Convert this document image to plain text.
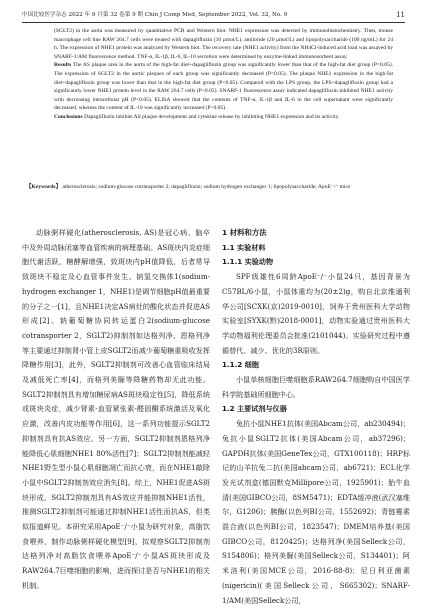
中国比较医学杂志 2022 年 9 月第 32 卷第 9 期 Chin J Comp Med, September 2022, Vol. 32, No. 9	11

(SGLT2) in the aorta was measured by quantitative PCR and Western blot. NHE1 expression was detected by immunohistochemistry. Then, mouse macrophage cell line RAW 264.7 cells were treated with dapagliflozin (10 μmol/L), amiloride (20 μmol/L) and lipopolysaccharide (100 ng/mL) for 24 h. The expression of NHE1 protein was analyzed by Western blot. The recovery rate (NHE1 activity) from the NH4Cl-induced acid load was assayed by SNARF-1/AM fluorescence method. TNF-α, IL-1β, IL-6, IL-10 secretion were determined by enzyme-linked immunosorbent assay.

Results The AS plaque area in the aorta of the high-fat diet+dapagliflozin group was significantly lower than that of the high-fat diet group (P<0.05). The expression of SGLT2 in the aortic plaques of each group was significantly decreased (P<0.05). The plaque NHE1 expression in the high-fat diet+dapagliflozin group was lower than that in the high-fat diet group (P<0.05). Compared with the LPS group, the LPS+dapagliflozin group had a significantly lower NHE1 protein level in the RAW 264.7 cells (P<0.05). SNARF-1 fluorescence assay indicated dapagliflozin inhibited NHE1 activity with decreasing intracellular pH (P<0.05). ELISA showed that the contents of TNF-α, IL-1β and IL-6 in the cell supernatant were significantly decreased, whereas the content of IL-10 was significantly increased (P<0.05).

Conclusions Dapagliflozin inhibits AS plaque development and cytokine release by inhibiting NHE1 expression and its activity.

【Keywords】 atherosclerosis; sodium-glucose cotransporter 2; dapagliflozin; sodium hydrogen exchanger 1; lipopolysaccharide; ApoE⁻/⁻ mice

动脉粥样硬化(atherosclerosis, AS)是冠心病、脑卒中及外周动脉闭塞等血管疾病的病理基础。AS斑块内炎症细胞代谢活跃，糖酵解增强，致斑块内pH值降低，后者常导致斑块不稳定及心血管事件发生。钠氢交换体1(sodium-hydrogen exchanger 1，NHE1)是调节细胞pH值最重要的分子之一[1]，且NHE1决定AS病灶的酸化状态并促进AS形成[2]。钠葡萄糖协同转运蛋白2(sodium-glucose cotransporter 2，SGLT2)抑制剂如达格列净、恩格列净等主要通过抑制肾小管上皮SGLT2而减少葡萄糖重吸收发挥降糖作用[3]，此外，SGLT2抑制剂可改善心血管临床结局及减低死亡率[4]，而格列美脲等降糖药物却无此功能。SGLT2抑制剂具有增加糖尿病AS斑块稳定性[5]，降低系统或斑块炎症，减少肾素-血管紧张素-醛固酮系统激活及氧化应激，改善内皮功能等作用[6]，这一系列功能提示SGLT2抑制剂具有抗AS效应。另一方面，SGLT2抑制剂恩格列净能降低心肌细胞NHE1 80%活性[7]；SGLT2抑制剂能减轻NHE1野生型小鼠心肌细胞凋亡而抗心衰，而在NHE1敲除小鼠中SGLT2抑制剂效应消失[8]。综上，NHE1促进AS斑块形成，SGLT2抑制剂具有AS效应并能抑制NHE1活性，推测SGLT2抑制剂可能通过抑制NHE1活性而抗AS，但类似报道鲜见。本研究采用ApoE⁻/⁻小鼠为研究对象，高脂饮食喂养，制作动脉粥样硬化模型[9]，拟观察SGLT2抑制剂达格列净对高脂饮食喂养ApoE⁻/⁻小鼠AS斑块形成及RAW264.7巨噬细胞的影响，进而探讨是否与NHE1的相关机制。

1 材料和方法

1.1 实验材料

1.1.1 实验动物

SPF级雄性6周龄ApoE⁻/⁻小鼠24只，基因背景为C57BL/6小鼠，小鼠体重均为(20±2)g，购自北京维通利华公司[SCXK(京)2019-0010]，饲养于贵州医科大学动物实验室[SYXK(黔)2018-0001]，动物实验通过贵州医科大学动物福利伦理委员会批准(2101044)。实验研究过程中遵循替代、减少、优化的3R原则。

1.1.2 细胞

小鼠单核细胞巨噬细胞系RAW264.7细胞购自中国医学科学院基础所细胞中心。

1.2 主要试剂与仪器

兔抗小鼠NHE1抗体(美国Abcam公司，ab230494)；兔抗小鼠SGLT2抗体(美国Abcam公司，ab37296)；GAPDH抗体(美国GeneTex公司，GTX100118)；HRP标记的山羊抗兔二抗(美国abcam公司，ab6721)；ECL化学发光试剂盒(德国默克Millipore公司，1925901)；胎牛血清(美国GIBCO公司，8SM5471)；EDTA缓冲液(武汉塞维尔，G1206)；胰酶(以色列BI公司，1552692)；青链霉素混合液(以色列BI公司，1823547)；DMEM培养基(美国GIBCO公司，8120425)；达格列净(美国Selleck公司，S154806)；格列美脲(美国Selleck公司，S134401)；阿米洛利(美国MCE公司，2016-88-8)；尼日利亚菌素(nigericin)(美国Selleck公司，S665302)；SNARF-1/AM(美国Selleck公司，
